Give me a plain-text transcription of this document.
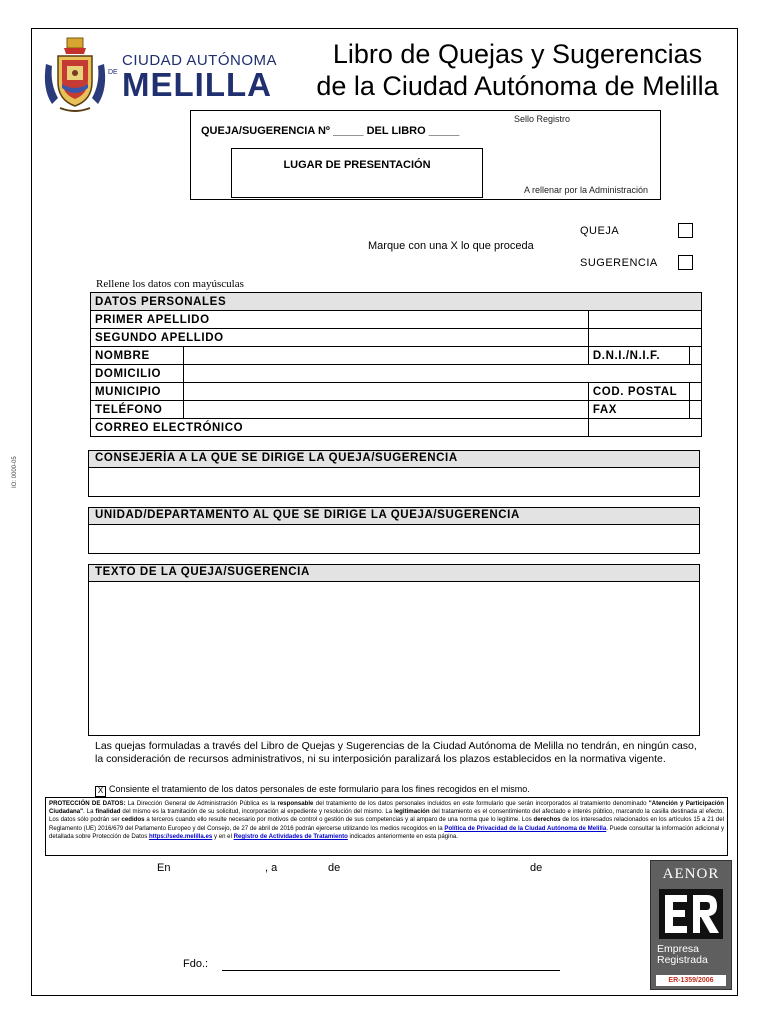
IO: 0000-05
CIUDAD AUTÓNOMA
DE MELILLA
Libro de Quejas y Sugerencias
de la Ciudad Autónoma de Melilla
Sello Registro
QUEJA/SUGERENCIA Nº _____ DEL LIBRO _____
LUGAR DE PRESENTACIÓN
A rellenar por la Administración
Marque con una X lo que proceda
QUEJA
SUGERENCIA
Rellene los datos con mayúsculas
DATOS PERSONALES			
PRIMER APELLIDO			
SEGUNDO APELLIDO			
NOMBRE		D.N.I./N.I.F.	
DOMICILIO			
MUNICIPIO		COD. POSTAL	
TELÉFONO		FAX	
CORREO ELECTRÓNICO			
CONSEJERÍA A LA QUE SE DIRIGE LA QUEJA/SUGERENCIA
UNIDAD/DEPARTAMENTO AL QUE SE DIRIGE LA QUEJA/SUGERENCIA
TEXTO DE LA QUEJA/SUGERENCIA
Las quejas formuladas a través del Libro de Quejas y Sugerencias de la Ciudad Autónoma de Melilla no tendrán, en ningún caso, la consideración de recursos administrativos, ni su interposición paralizará los plazos establecidos en la normativa vigente.
X Consiente el tratamiento de los datos personales de este formulario para los fines recogidos en el mismo.
PROTECCIÓN DE DATOS: La Dirección General de Administración Pública es la responsable del tratamiento de los datos personales incluidos en este formulario que serán incorporados al tratamiento denominado "Atención y Participación Ciudadana". La finalidad del mismo es la tramitación de su solicitud, incorporación al expediente y resolución del mismo. La legitimación del tratamiento es el consentimiento del afectado e interés público, marcando la casilla destinada al efecto. Los datos sólo podrán ser cedidos a terceros cuando ello resulte necesario por motivos de control o gestión de sus competencias y al amparo de una norma que lo legitime. Los derechos de los interesados relacionados en los artículos 15 a 21 del Reglamento (UE) 2016/679 del Parlamento Europeo y del Consejo, de 27 de abril de 2016 podrán ejercerse utilizando los medios recogidos en la Política de Privacidad de la Ciudad Autónoma de Melilla. Puede consultar la información adicional y detallada sobre Protección de Datos https://sede.melilla.es y en el Registro de Actividades de Tratamiento indicados anteriormente en esta página.
En	, a	de	de
Fdo.:
AENOR
Empresa
Registrada
ER-1359/2006
